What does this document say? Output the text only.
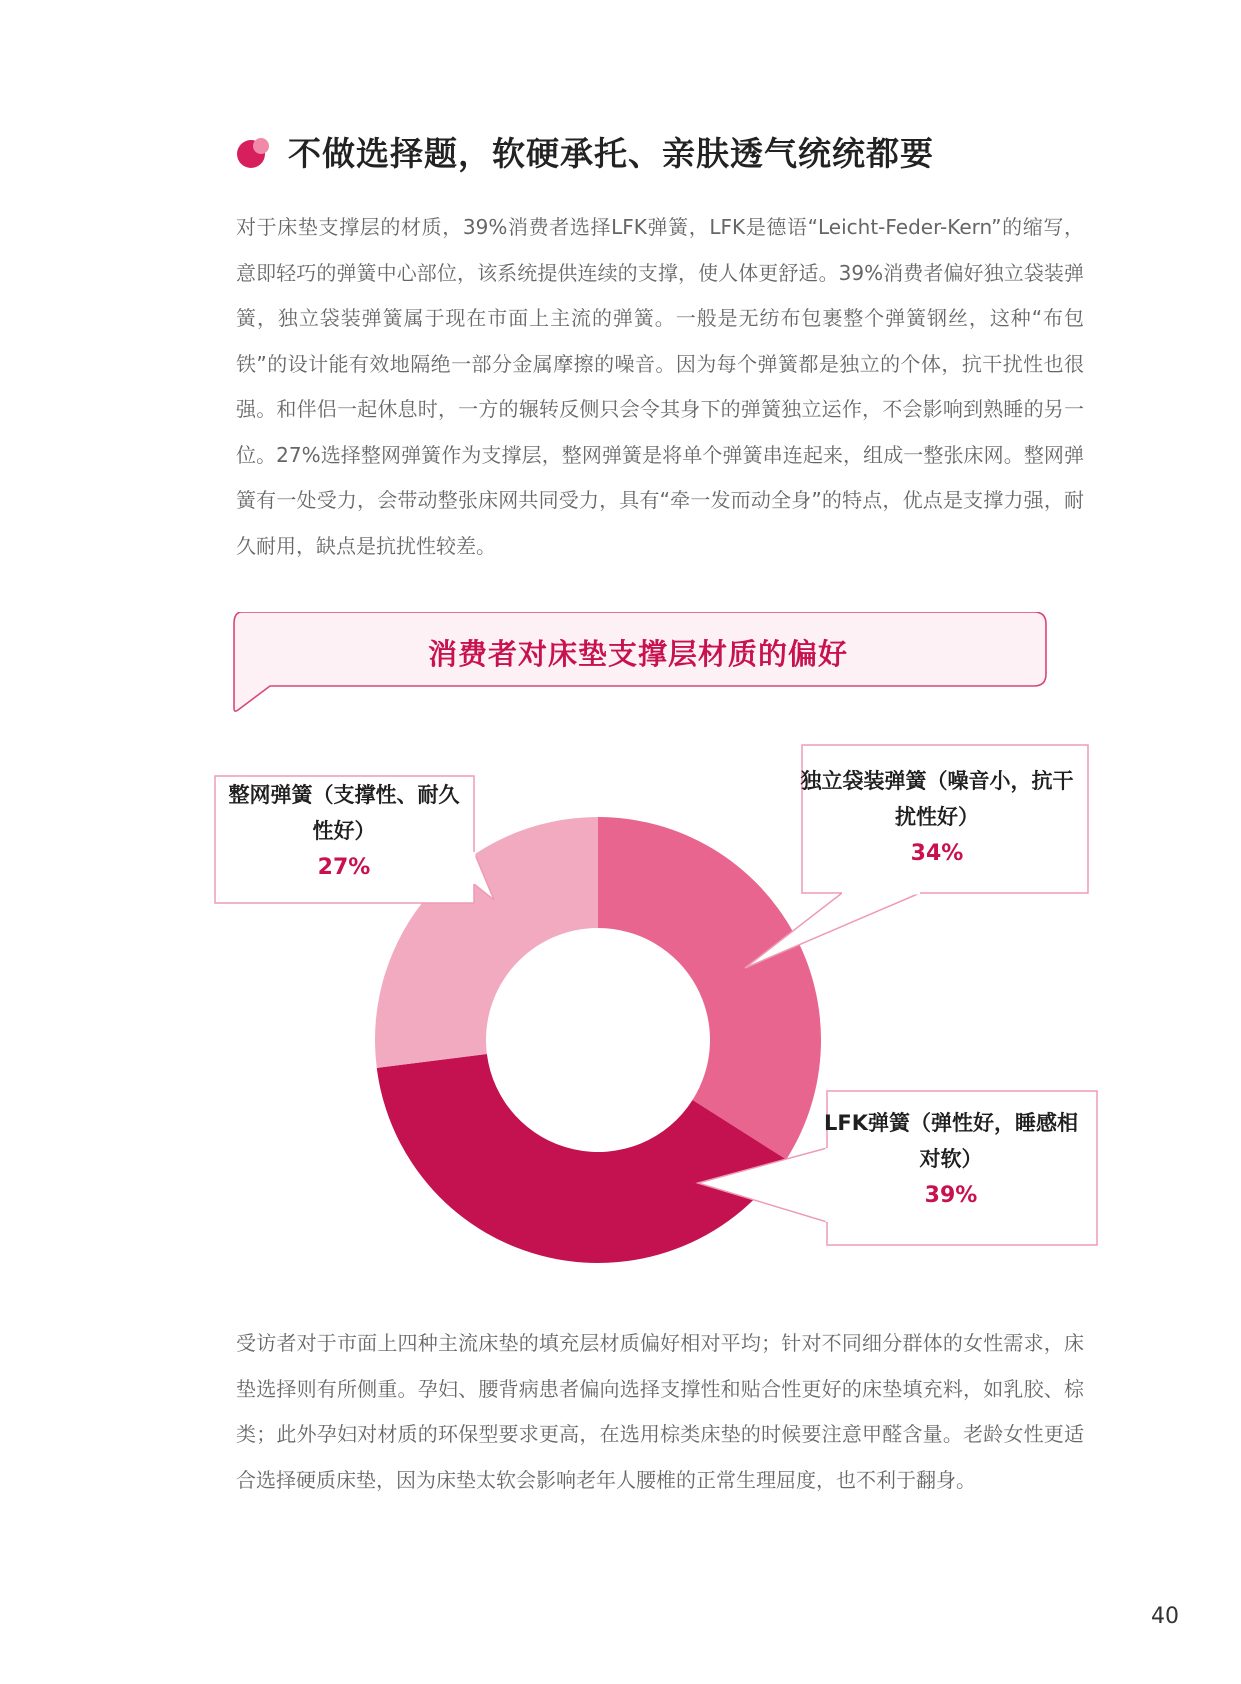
不做选择题，软硬承托、亲肤透气统统都要

对于床垫支撑层的材质，39%消费者选择LFK弹簧，LFK是德语“Leicht-Feder-Kern”的缩写，意即轻巧的弹簧中心部位，该系统提供连续的支撑，使人体更舒适。39%消费者偏好独立袋装弹簧，独立袋装弹簧属于现在市面上主流的弹簧。一般是无纺布包裹整个弹簧钢丝，这种“布包铁”的设计能有效地隔绝一部分金属摩擦的噪音。因为每个弹簧都是独立的个体，抗干扰性也很强。和伴侣一起休息时，一方的辗转反侧只会令其身下的弹簧独立运作，不会影响到熟睡的另一位。27%选择整网弹簧作为支撑层，整网弹簧是将单个弹簧串连起来，组成一整张床网。整网弹簧有一处受力，会带动整张床网共同受力，具有“牵一发而动全身”的特点，优点是支撑力强，耐久耐用，缺点是抗扰性较差。

消费者对床垫支撑层材质的偏好
独立袋装弹簧（噪音小，抗干扰性好）
34%
LFK弹簧（弹性好，睡感相对软）
39%
整网弹簧（支撑性、耐久性好）
27%

受访者对于市面上四种主流床垫的填充层材质偏好相对平均；针对不同细分群体的女性需求，床垫选择则有所侧重。孕妇、腰背病患者偏向选择支撑性和贴合性更好的床垫填充料，如乳胶、棕类；此外孕妇对材质的环保型要求更高，在选用棕类床垫的时候要注意甲醛含量。老龄女性更适合选择硬质床垫，因为床垫太软会影响老年人腰椎的正常生理屈度，也不利于翻身。

40
